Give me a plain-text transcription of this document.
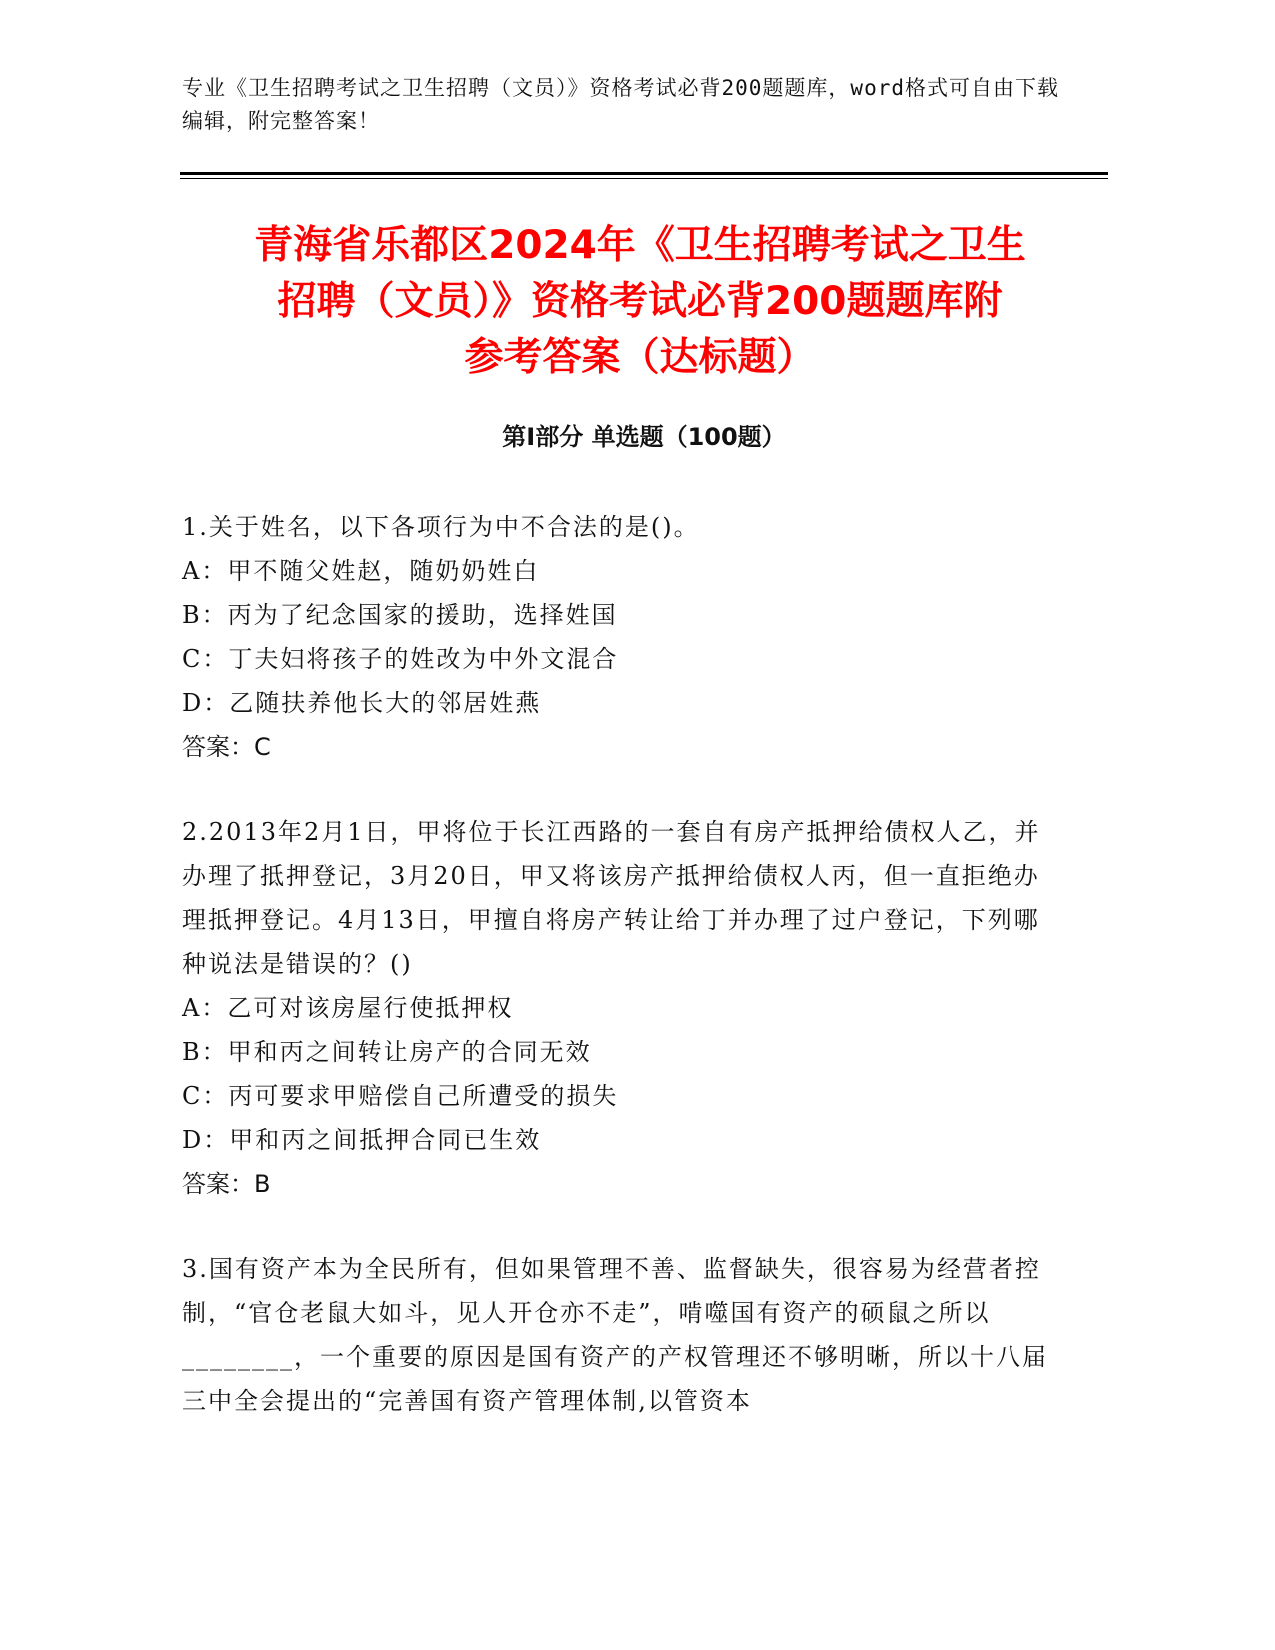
专业《卫生招聘考试之卫生招聘（文员）》资格考试必背200题题库，word格式可自由下载编辑，附完整答案！
青海省乐都区2024年《卫生招聘考试之卫生
招聘（文员）》资格考试必背200题题库附
参考答案（达标题）
第Ⅰ部分 单选题（100题）
1.关于姓名，以下各项行为中不合法的是()。
A：甲不随父姓赵，随奶奶姓白
B：丙为了纪念国家的援助，选择姓国
C：丁夫妇将孩子的姓改为中外文混合
D：乙随扶养他长大的邻居姓燕
答案：C
2.2013年2月1日，甲将位于长江西路的一套自有房产抵押给债权人乙，并办理了抵押登记，3月20日，甲又将该房产抵押给债权人丙，但一直拒绝办理抵押登记。4月13日，甲擅自将房产转让给丁并办理了过户登记，下列哪种说法是错误的？()
A：乙可对该房屋行使抵押权
B：甲和丙之间转让房产的合同无效
C：丙可要求甲赔偿自己所遭受的损失
D：甲和丙之间抵押合同已生效
答案：B
3.国有资产本为全民所有，但如果管理不善、监督缺失，很容易为经营者控制，“官仓老鼠大如斗，见人开仓亦不走”，啃噬国有资产的硕鼠之所以________，一个重要的原因是国有资产的产权管理还不够明晰，所以十八届三中全会提出的“完善国有资产管理体制,以管资本
